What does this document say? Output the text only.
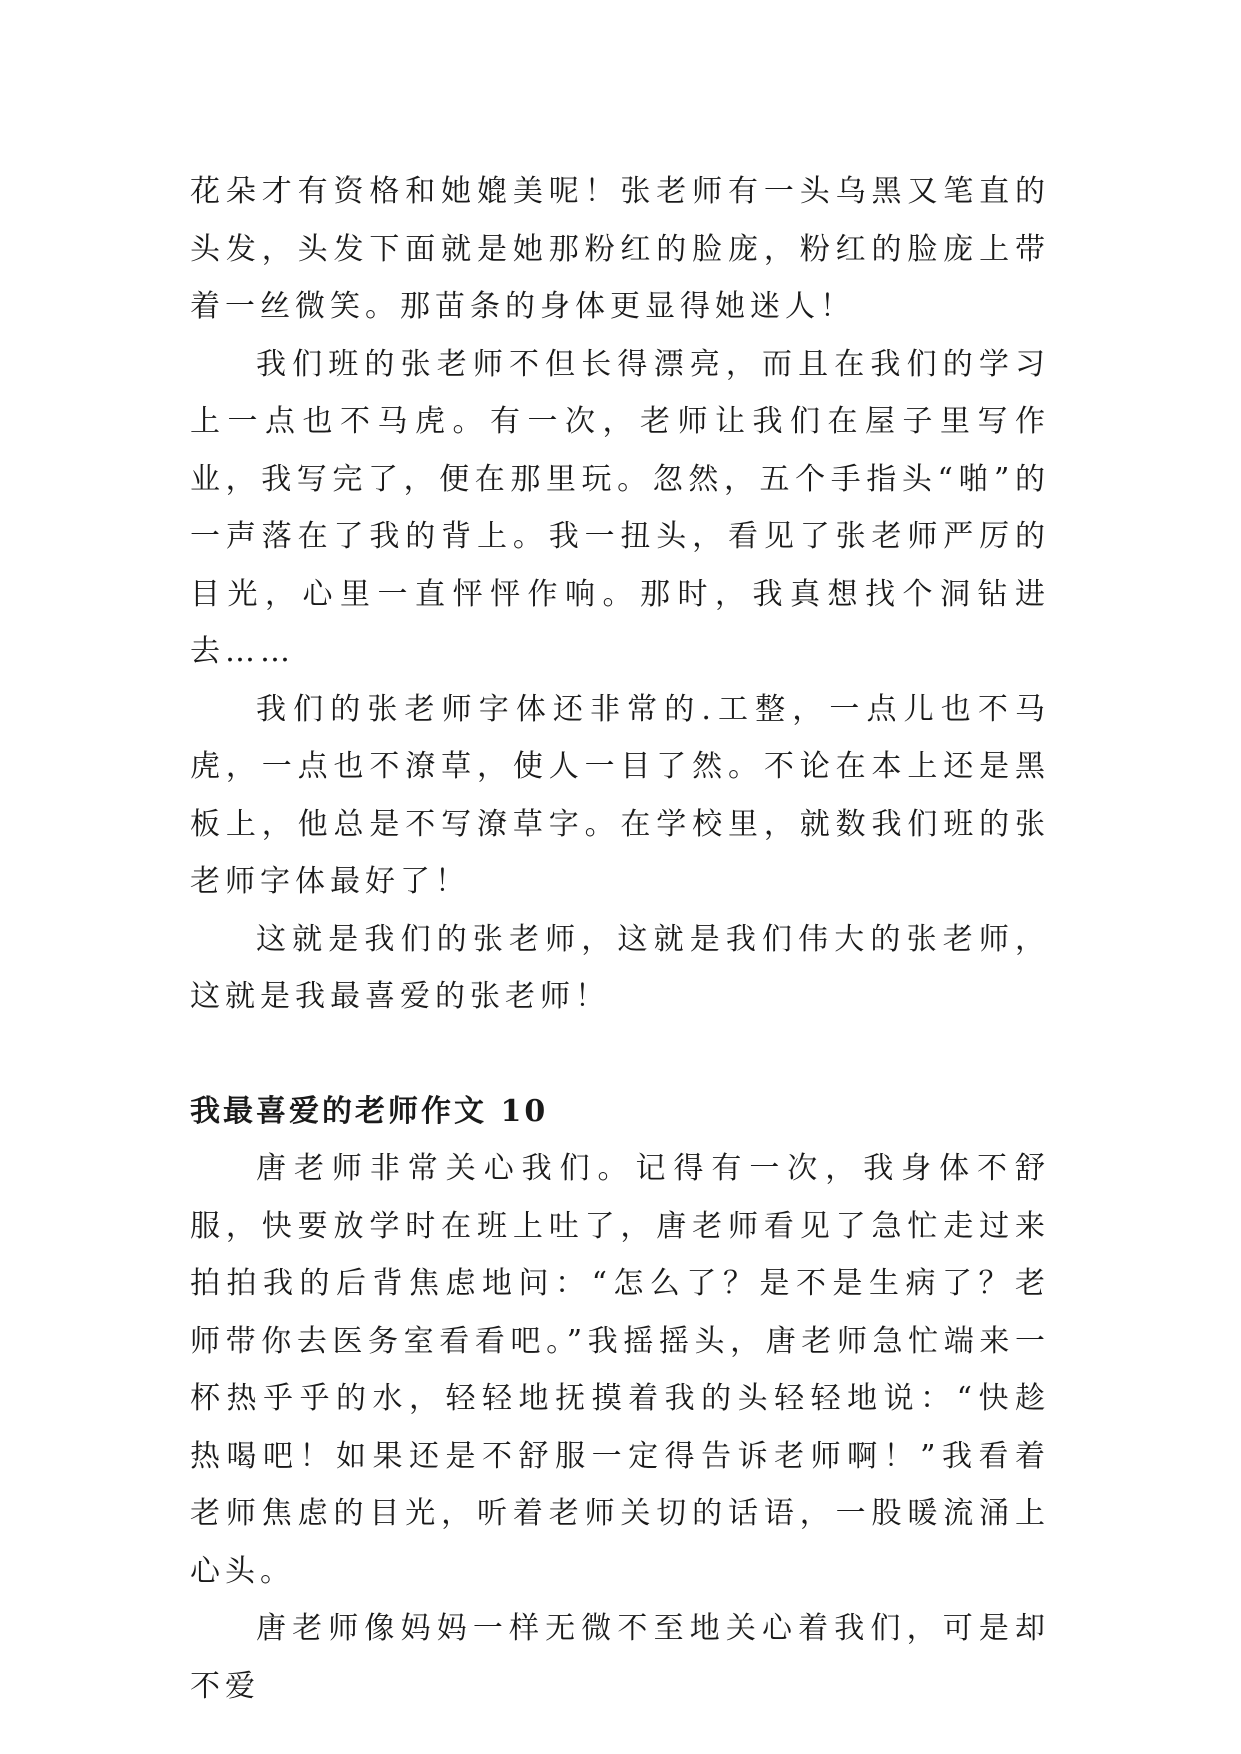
花朵才有资格和她媲美呢！张老师有一头乌黑又笔直的头发，头发下面就是她那粉红的脸庞，粉红的脸庞上带着一丝微笑。那苗条的身体更显得她迷人！

我们班的张老师不但长得漂亮，而且在我们的学习上一点也不马虎。有一次，老师让我们在屋子里写作业，我写完了，便在那里玩。忽然，五个手指头“啪”的一声落在了我的背上。我一扭头，看见了张老师严厉的目光，心里一直怦怦作响。那时，我真想找个洞钻进去……

我们的张老师字体还非常的.工整，一点儿也不马虎，一点也不潦草，使人一目了然。不论在本上还是黑板上，他总是不写潦草字。在学校里，就数我们班的张老师字体最好了！

这就是我们的张老师，这就是我们伟大的张老师，这就是我最喜爱的张老师！

我最喜爱的老师作文 10

唐老师非常关心我们。记得有一次，我身体不舒服，快要放学时在班上吐了，唐老师看见了急忙走过来拍拍我的后背焦虑地问：“怎么了？是不是生病了？老师带你去医务室看看吧。”我摇摇头，唐老师急忙端来一杯热乎乎的水，轻轻地抚摸着我的头轻轻地说：“快趁热喝吧！如果还是不舒服一定得告诉老师啊！”我看着老师焦虑的目光，听着老师关切的话语，一股暖流涌上心头。

唐老师像妈妈一样无微不至地关心着我们，可是却不爱
